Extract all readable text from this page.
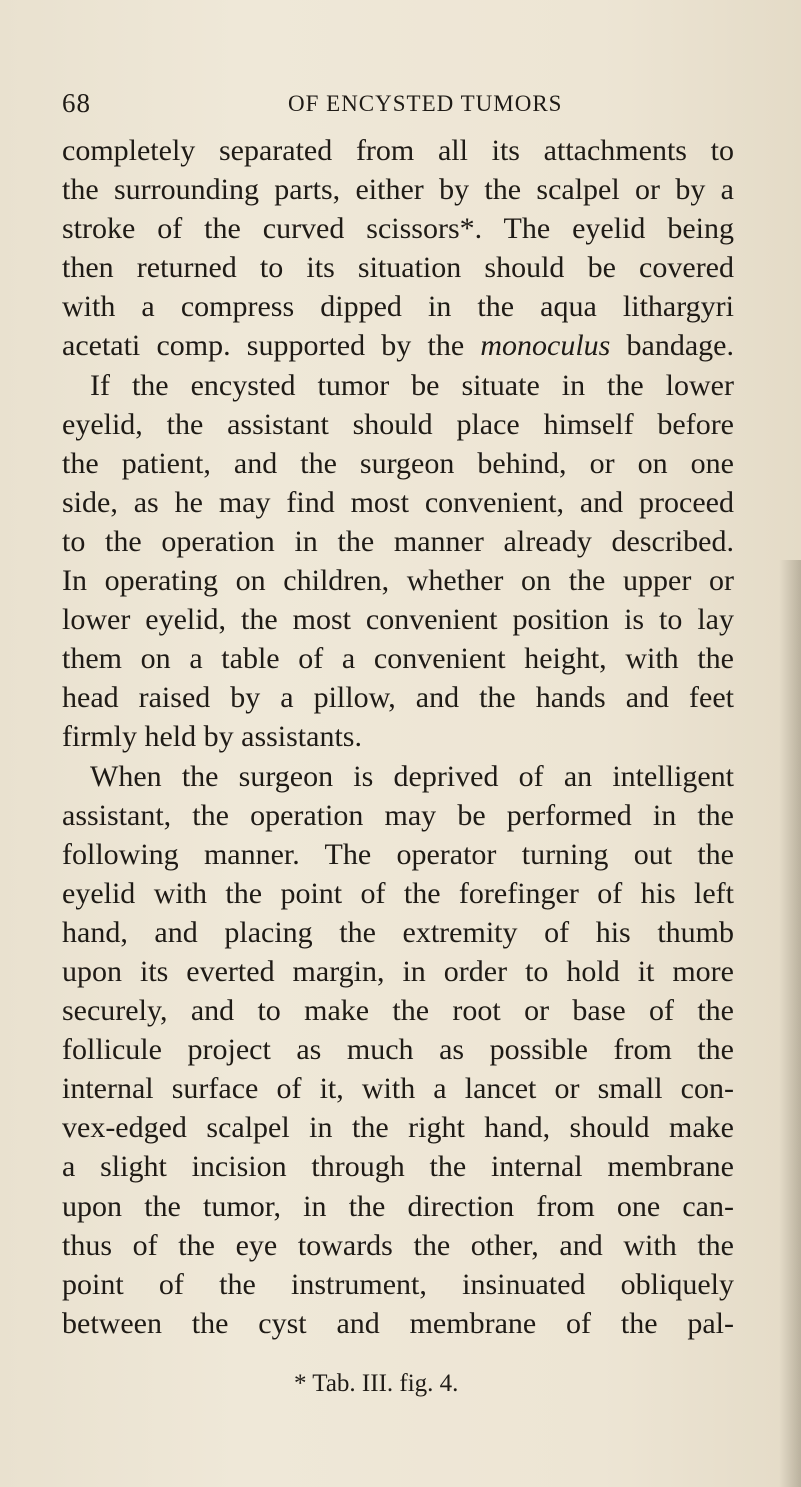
68	OF ENCYSTED TUMORS
completely separated from all its attachments to
the surrounding parts, either by the scalpel or by a
stroke of the curved scissors*. The eyelid being
then returned to its situation should be covered
with a compress dipped in the aqua lithargyri
acetati comp. supported by the monoculus bandage.
If the encysted tumor be situate in the lower
eyelid, the assistant should place himself before
the patient, and the surgeon behind, or on one
side, as he may find most convenient, and proceed
to the operation in the manner already described.
In operating on children, whether on the upper or
lower eyelid, the most convenient position is to lay
them on a table of a convenient height, with the
head raised by a pillow, and the hands and feet
firmly held by assistants.
When the surgeon is deprived of an intelligent
assistant, the operation may be performed in the
following manner. The operator turning out the
eyelid with the point of the forefinger of his left
hand, and placing the extremity of his thumb
upon its everted margin, in order to hold it more
securely, and to make the root or base of the
follicule project as much as possible from the
internal surface of it, with a lancet or small con-
vex-edged scalpel in the right hand, should make
a slight incision through the internal membrane
upon the tumor, in the direction from one can-
thus of the eye towards the other, and with the
point of the instrument, insinuated obliquely
between the cyst and membrane of the pal-
* Tab. III. fig. 4.
